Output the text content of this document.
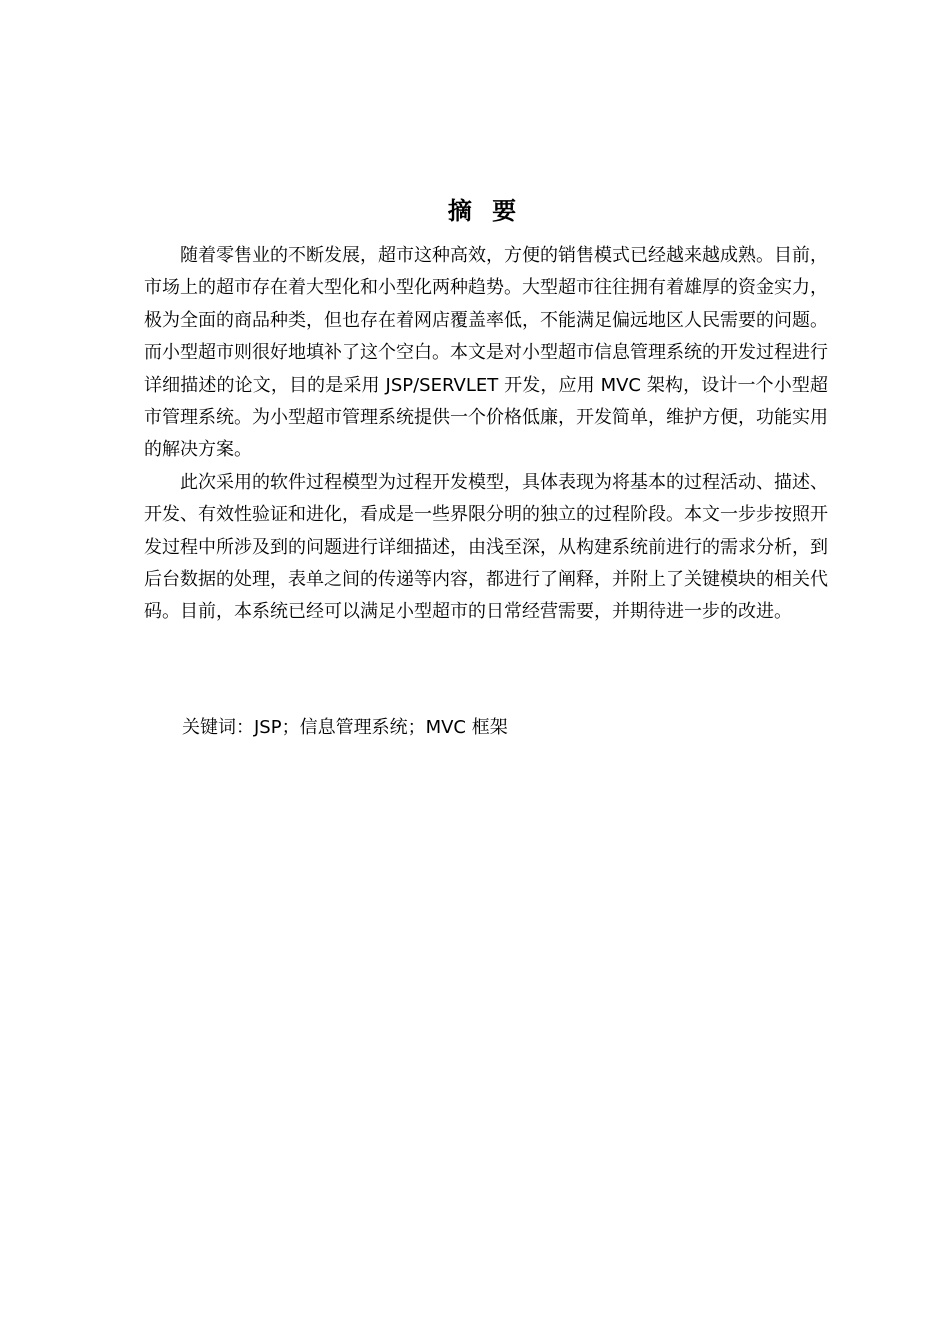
摘 要

随着零售业的不断发展，超市这种高效，方便的销售模式已经越来越成熟。目前，市场上的超市存在着大型化和小型化两种趋势。大型超市往往拥有着雄厚的资金实力，极为全面的商品种类，但也存在着网店覆盖率低，不能满足偏远地区人民需要的问题。而小型超市则很好地填补了这个空白。本文是对小型超市信息管理系统的开发过程进行详细描述的论文，目的是采用 JSP/SERVLET 开发，应用 MVC 架构，设计一个小型超市管理系统。为小型超市管理系统提供一个价格低廉，开发简单，维护方便，功能实用的解决方案。

此次采用的软件过程模型为过程开发模型，具体表现为将基本的过程活动、描述、开发、有效性验证和进化，看成是一些界限分明的独立的过程阶段。本文一步步按照开发过程中所涉及到的问题进行详细描述，由浅至深，从构建系统前进行的需求分析，到后台数据的处理，表单之间的传递等内容，都进行了阐释，并附上了关键模块的相关代码。目前，本系统已经可以满足小型超市的日常经营需要，并期待进一步的改进。

关键词：JSP；信息管理系统；MVC 框架
